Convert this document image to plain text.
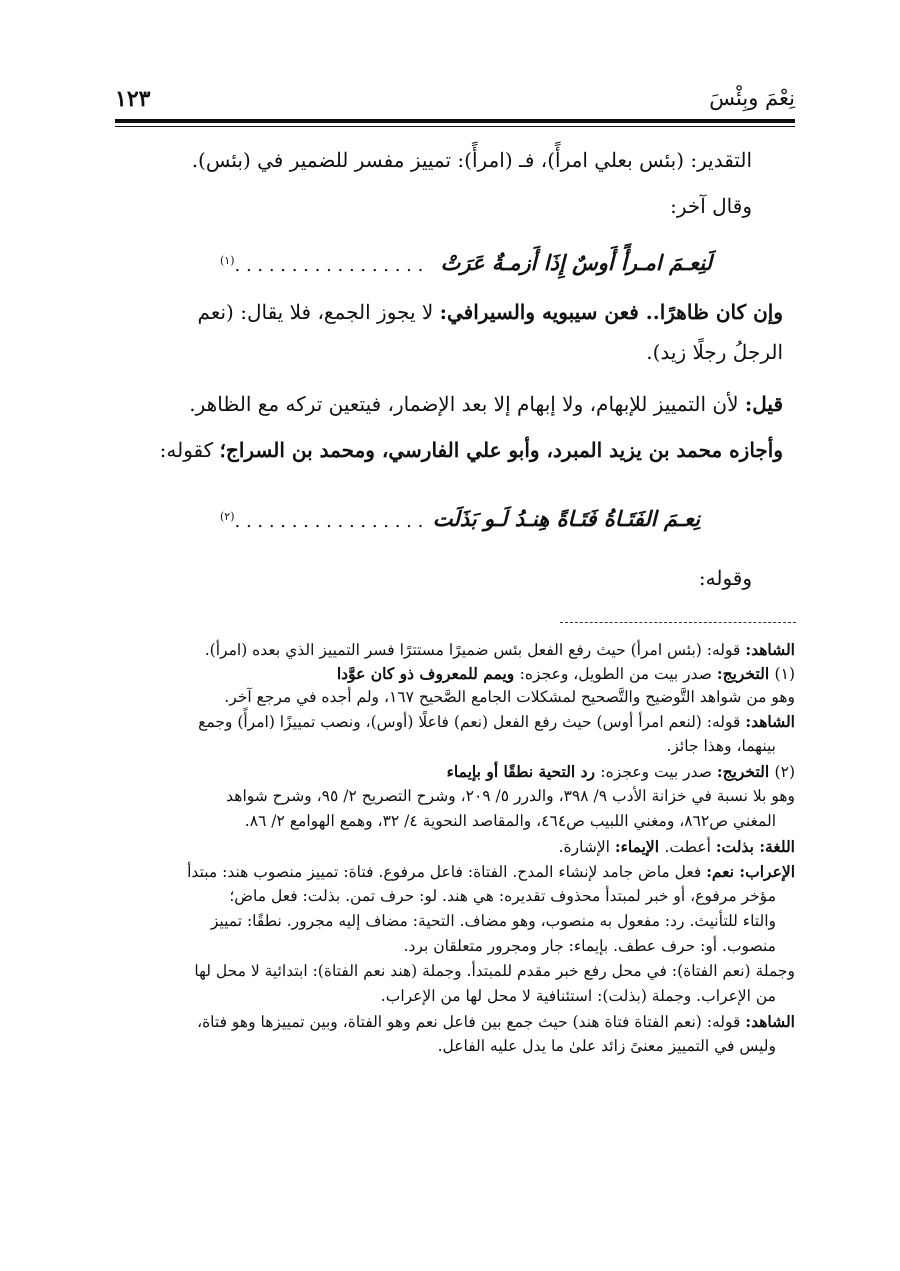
١٢٣	نِعْمَ وبِئْسَ
التقدير: (بئس بعلي امرأً)، فـ (امرأً): تمييز مفسر للضمير في (بئس).
وقال آخر:
لَنِعـمَ امـرأً أَوسٌ إِذَا أَزمـةٌ عَرَتْ
$^{(١)}$. . . . . . . . . . . . . . . . .
وإن كان ظاهرًا.. فعن سيبويه والسيرافي: لا يجوز الجمع، فلا يقال: (نعم
الرجلُ رجلًا زيد).
قيل: لأن التمييز للإبهام، ولا إبهام إلا بعد الإضمار، فيتعين تركه مع الظاهر.
وأجازه محمد بن يزيد المبرد، وأبو علي الفارسي، ومحمد بن السراج؛ كقوله:
نِعـمَ الفَتَـاةُ فَتَـاةً هِنـدُ لَـو بَذَلَت
$^{(٢)}$. . . . . . . . . . . . . . . . .
وقوله:
الشاهد: قوله: (بئس امرأ) حيث رفع الفعل بئس ضميرًا مستترًا فسر التمييز الذي بعده (امرأ).
(١) التخريج: صدر بيت من الطويل، وعجزه: ويمم للمعروف ذو كان عوَّدا
وهو من شواهد التَّوضيح والتَّصحيح لمشكلات الجامع الصَّحيح ١٦٧، ولم أجده في مرجع آخر.
الشاهد: قوله: (لنعم امرأ أوس) حيث رفع الفعل (نعم) فاعلًا (أوس)، ونصب تمييزًا (امرأً) وجمع
بينهما، وهذا جائز.
(٢) التخريج: صدر بيت وعجزه: رد التحية نطقًا أو بإيماء
وهو بلا نسبة في خزانة الأدب ٩/ ٣٩٨، والدرر ٥/ ٢٠٩، وشرح التصريح ٢/ ٩٥، وشرح شواهد
المغني ص٨٦٢، ومغني اللبيب ص٤٦٤، والمقاصد النحوية ٤/ ٣٢، وهمع الهوامع ٢/ ٨٦.
اللغة: بذلت: أعطت. الإيماء: الإشارة.
الإعراب: نعم: فعل ماض جامد لإنشاء المدح. الفتاة: فاعل مرفوع. فتاة: تمييز منصوب هند: مبتدأ
مؤخر مرفوع، أو خبر لمبتدأ محذوف تقديره: هي هند. لو: حرف تمن. بذلت: فعل ماض؛
والتاء للتأنيث. رد: مفعول به منصوب، وهو مضاف. التحية: مضاف إليه مجرور. نطقًا: تمييز
منصوب. أو: حرف عطف. بإيماء: جار ومجرور متعلقان برد.
وجملة (نعم الفتاة): في محل رفع خبر مقدم للمبتدأ. وجملة (هند نعم الفتاة): ابتدائية لا محل لها
من الإعراب. وجملة (بذلت): استئنافية لا محل لها من الإعراب.
الشاهد: قوله: (نعم الفتاة فتاة هند) حيث جمع بين فاعل نعم وهو الفتاة، وبين تمييزها وهو فتاة،
وليس في التمييز معنىً زائد علىٰ ما يدل عليه الفاعل.
